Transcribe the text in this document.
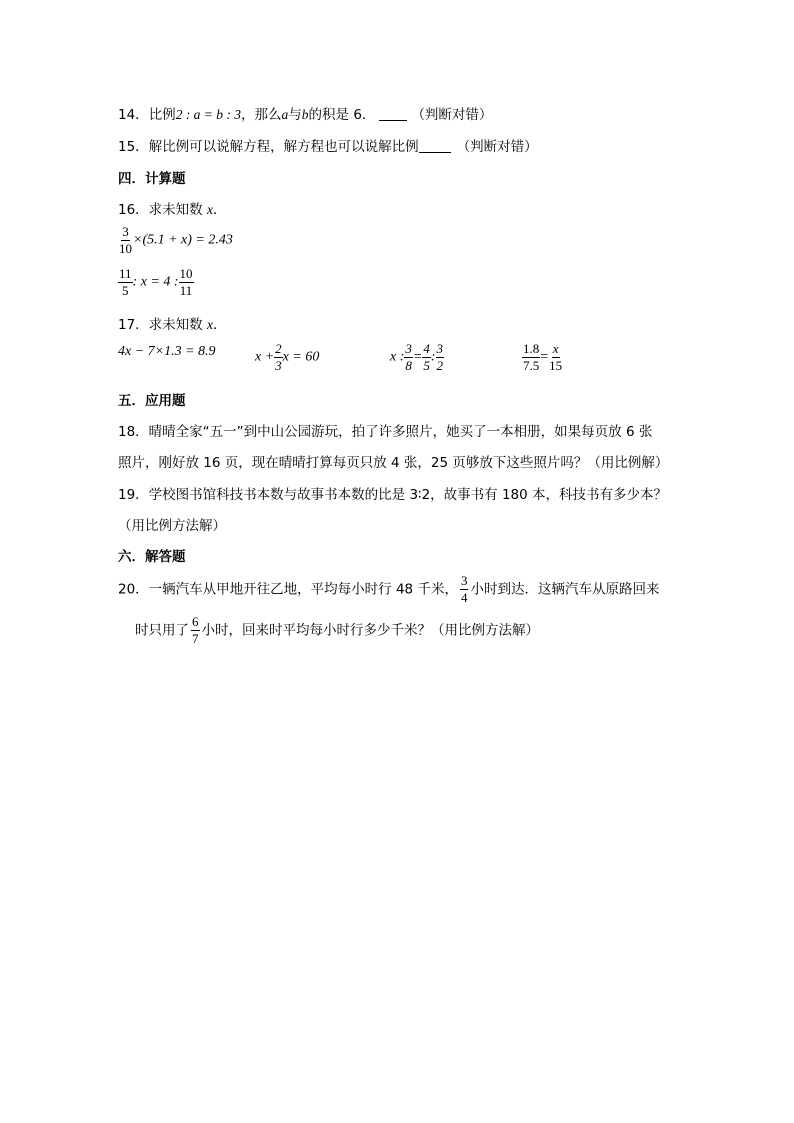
14．比例2 : a = b : 3，那么a与b的积是 6．	（判断对错）
15．解比例可以说解方程，解方程也可以说解比例	（判断对错）
四．计算题
16．求未知数 x．
$\frac{3}{10} \times(5.1 + x) = 2.43$
$\frac{11}{5}$ : x = 4 : $\frac{10}{11}$
17．求未知数 x．
4x − 7×1.3 = 8.9	$x + \frac{2}{3}$ x = 60	x : $\frac{3}{8} = \frac{4}{5}$ : $\frac{3}{2}$	$\frac{1.8}{7.5} = \frac{x}{15}$
五．应用题
18．晴晴全家“五一”到中山公园游玩，拍了许多照片，她买了一本相册，如果每页放 6 张
照片，刚好放 16 页，现在晴晴打算每页只放 4 张，25 页够放下这些照片吗？（用比例解）
19．学校图书馆科技书本数与故事书本数的比是 3∶2，故事书有 180 本，科技书有多少本？
（用比例方法解）
六．解答题
20．一辆汽车从甲地开往乙地，平均每小时行 48 千米， $\frac{3}{4}$ 小时到达．这辆汽车从原路回来
时只用了 $\frac{6}{7}$ 小时，回来时平均每小时行多少千米？（用比例方法解）
